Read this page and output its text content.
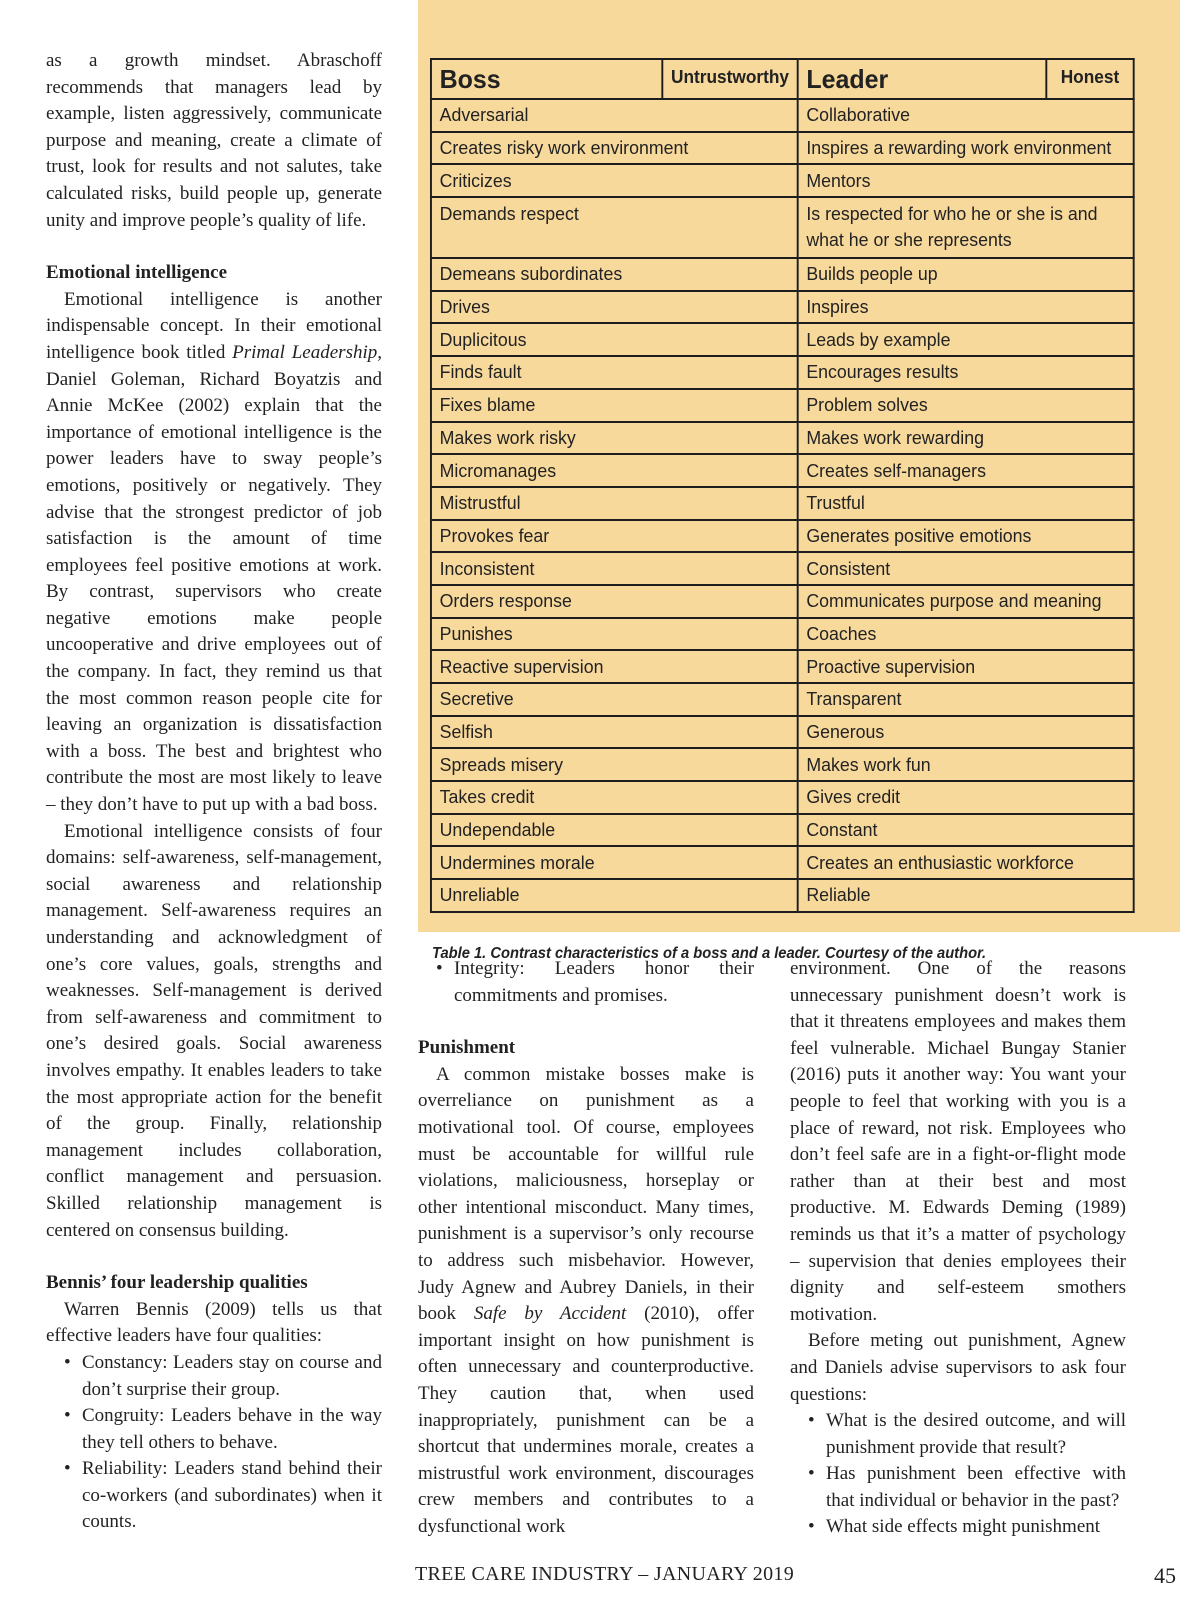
as a growth mindset. Abraschoff recommends that managers lead by example, listen aggressively, communicate purpose and meaning, create a climate of trust, look for results and not salutes, take calculated risks, build people up, generate unity and improve people’s quality of life.

Emotional intelligence

Emotional intelligence is another indispensable concept. In their emotional intelligence book titled Primal Leadership, Daniel Goleman, Richard Boyatzis and Annie McKee (2002) explain that the importance of emotional intelligence is the power leaders have to sway people’s emotions, positively or negatively. They advise that the strongest predictor of job satisfaction is the amount of time employees feel positive emotions at work. By contrast, supervisors who create negative emotions make people uncooperative and drive employees out of the company. In fact, they remind us that the most common reason people cite for leaving an organization is dissatisfaction with a boss. The best and brightest who contribute the most are most likely to leave – they don’t have to put up with a bad boss.

Emotional intelligence consists of four domains: self-awareness, self-management, social awareness and relationship management. Self-awareness requires an understanding and acknowledgment of one’s core values, goals, strengths and weaknesses. Self-management is derived from self-awareness and commitment to one’s desired goals. Social awareness involves empathy. It enables leaders to take the most appropriate action for the benefit of the group. Finally, relationship management includes collaboration, conflict management and persuasion. Skilled relationship management is centered on consensus building.

Bennis’ four leadership qualities

Warren Bennis (2009) tells us that effective leaders have four qualities:

• Constancy: Leaders stay on course and don’t surprise their group.
• Congruity: Leaders behave in the way they tell others to behave.
• Reliability: Leaders stand behind their co-workers (and subordinates) when it counts.
Boss Untrustworthy	Leader Honest

Adversarial	Collaborative
Creates risky work environment	Inspires a rewarding work environment
Criticizes	Mentors
Demands respect	Is respected for who he or she is and what he or she represents
Demeans subordinates	Builds people up
Drives	Inspires
Duplicitous	Leads by example
Finds fault	Encourages results
Fixes blame	Problem solves
Makes work risky	Makes work rewarding
Micromanages	Creates self-managers
Mistrustful	Trustful
Provokes fear	Generates positive emotions
Inconsistent	Consistent
Orders response	Communicates purpose and meaning
Punishes	Coaches
Reactive supervision	Proactive supervision
Secretive	Transparent
Selfish	Generous
Spreads misery	Makes work fun
Takes credit	Gives credit
Undependable	Constant
Undermines morale	Creates an enthusiastic workforce
Unreliable	Reliable
Table 1. Contrast characteristics of a boss and a leader. Courtesy of the author.
• Integrity: Leaders honor their commitments and promises.

Punishment

A common mistake bosses make is overreliance on punishment as a motivational tool. Of course, employees must be accountable for willful rule violations, maliciousness, horseplay or other intentional misconduct. Many times, punishment is a supervisor’s only recourse to address such misbehavior. However, Judy Agnew and Aubrey Daniels, in their book Safe by Accident (2010), offer important insight on how punishment is often unnecessary and counterproductive. They caution that, when used inappropriately, punishment can be a shortcut that undermines morale, creates a mistrustful work environment, discourages crew members and contributes to a dysfunctional work

environment. One of the reasons unnecessary punishment doesn’t work is that it threatens employees and makes them feel vulnerable. Michael Bungay Stanier (2016) puts it another way: You want your people to feel that working with you is a place of reward, not risk. Employees who don’t feel safe are in a fight-or-flight mode rather than at their best and most productive. M. Edwards Deming (1989) reminds us that it’s a matter of psychology – supervision that denies employees their dignity and self-esteem smothers motivation.

Before meting out punishment, Agnew and Daniels advise supervisors to ask four questions:

• What is the desired outcome, and will punishment provide that result?
• Has punishment been effective with that individual or behavior in the past?
• What side effects might punishment
TREE CARE INDUSTRY – JANUARY 2019	45
